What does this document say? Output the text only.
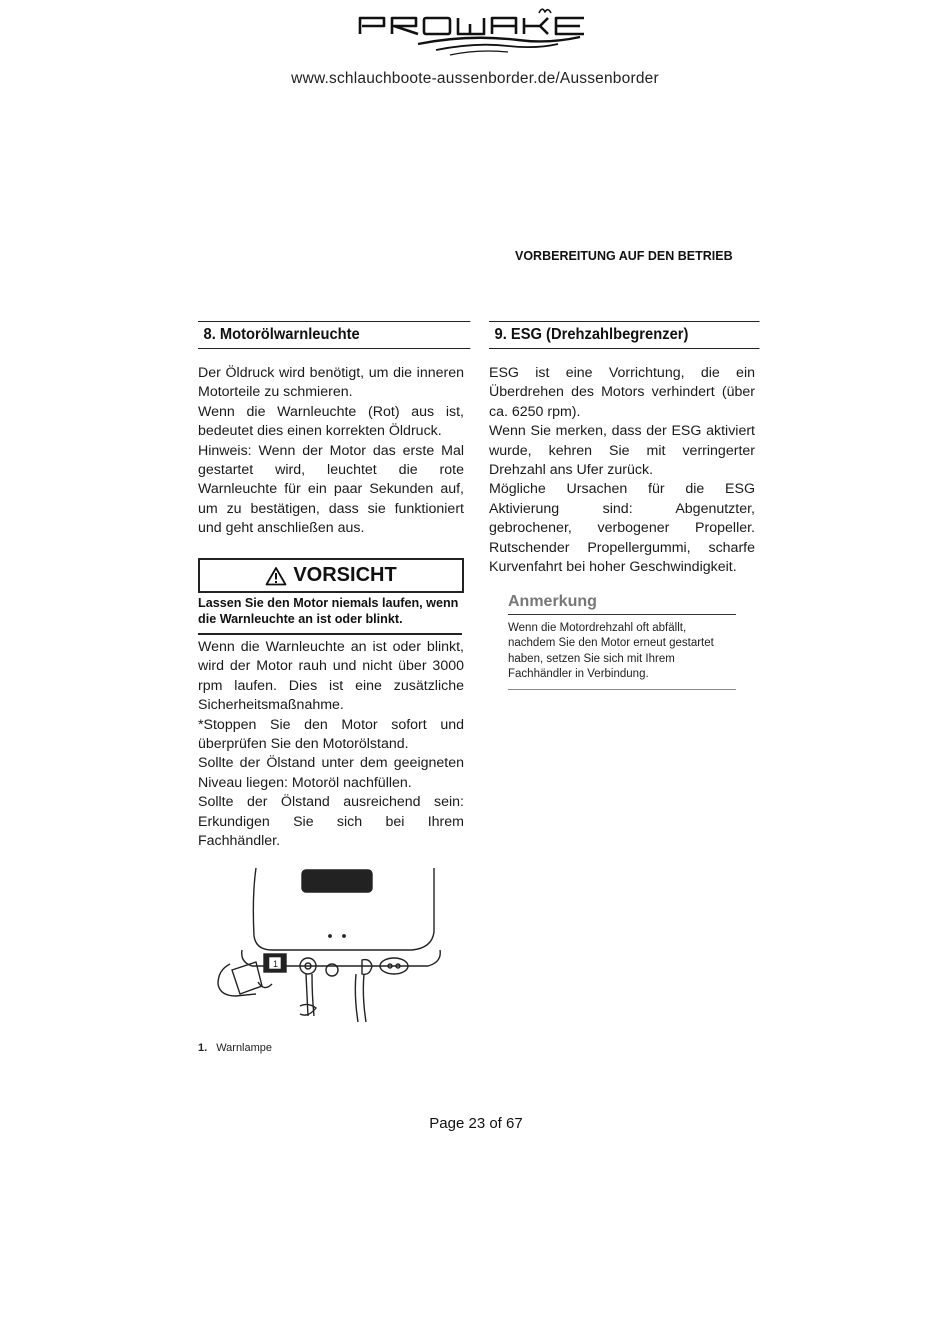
www.schlauchboote-aussenborder.de/Aussenborder
VORBEREITUNG AUF DEN BETRIEB
8. Motorölwarnleuchte

Der Öldruck wird benötigt, um die inneren Motorteile zu schmieren.

Wenn die Warnleuchte (Rot) aus ist, bedeutet dies einen korrekten Öldruck.

Hinweis: Wenn der Motor das erste Mal gestartet wird, leuchtet die rote Warnleuchte für ein paar Sekunden auf, um zu bestätigen, dass sie funktioniert und geht anschließen aus.

VORSICHT
Lassen Sie den Motor niemals laufen, wenn die Warnleuchte an ist oder blinkt.

Wenn die Warnleuchte an ist oder blinkt, wird der Motor rauh und nicht über 3000 rpm laufen. Dies ist eine zusätzliche Sicherheitsmaßnahme.

*Stoppen Sie den Motor sofort und überprüfen Sie den Motorölstand.

Sollte der Ölstand unter dem geeigneten Niveau liegen: Motoröl nachfüllen.

Sollte der Ölstand ausreichend sein: Erkundigen Sie sich bei Ihrem Fachhändler.

1
1. Warnlampe
9. ESG (Drehzahlbegrenzer)

ESG ist eine Vorrichtung, die ein Überdrehen des Motors verhindert (über ca. 6250 rpm).

Wenn Sie merken, dass der ESG aktiviert wurde, kehren Sie mit verringerter Drehzahl ans Ufer zurück.

Mögliche Ursachen für die ESG Aktivierung sind: Abgenutzter, gebrochener, verbogener Propeller. Rutschender Propellergummi, scharfe Kurvenfahrt bei hoher Geschwindigkeit.

Anmerkung
Wenn die Motordrehzahl oft abfällt, nachdem Sie den Motor erneut gestartet haben, setzen Sie sich mit Ihrem Fachhändler in Verbindung.
Page 23 of 67
